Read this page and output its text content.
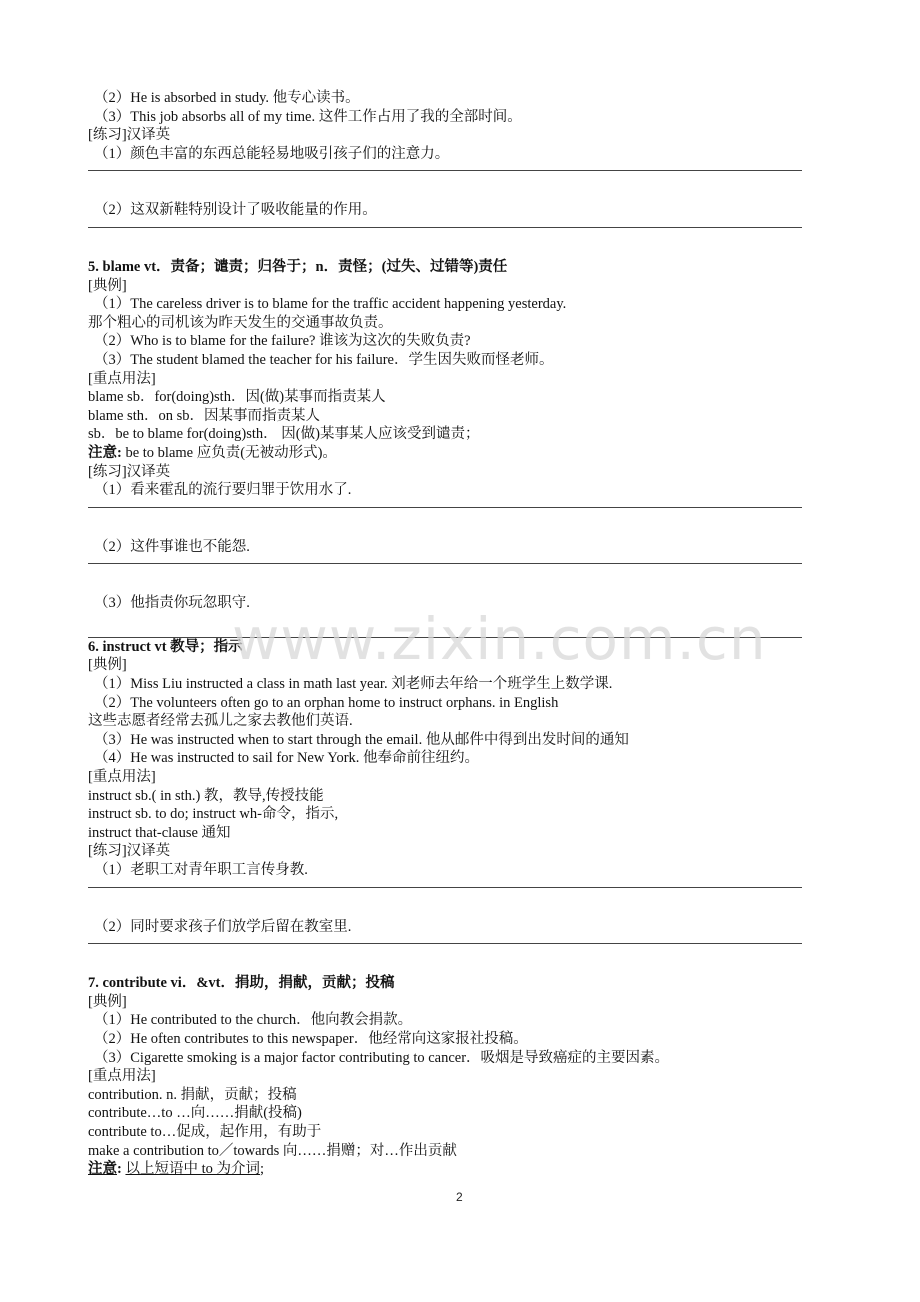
（2）He is absorbed in study. 他专心读书。
（3）This job absorbs all of my time. 这件工作占用了我的全部时间。
[练习]汉译英
（1）颜色丰富的东西总能轻易地吸引孩子们的注意力。
（2）这双新鞋特别设计了吸收能量的作用。
5. blame vt．责备；谴责；归咎于；n．责怪；(过失、过错等)责任
[典例]
（1）The careless driver is to blame for the traffic accident happening yesterday.
那个粗心的司机该为昨天发生的交通事故负责。
（2）Who is to blame for the failure? 谁该为这次的失败负责?
（3）The student blamed the teacher for his failure．学生因失败而怪老师。
[重点用法]
blame sb．for(doing)sth．因(做)某事而指责某人
blame sth．on sb．因某事而指责某人
sb．be to blame for(doing)sth． 因(做)某事某人应该受到谴责；
注意: be to blame 应负责(无被动形式)。
[练习]汉译英
（1）看来霍乱的流行要归罪于饮用水了.
（2）这件事谁也不能怨.
（3）他指责你玩忽职守.
6. instruct vt 教导；指示
[典例]
（1）Miss Liu instructed a class in math last year. 刘老师去年给一个班学生上数学课.
（2）The volunteers often go to an orphan home to instruct orphans. in English
这些志愿者经常去孤儿之家去教他们英语.
（3）He was instructed when to start through the email. 他从邮件中得到出发时间的通知
（4）He was instructed to sail for New York. 他奉命前往纽约。
[重点用法]
instruct sb.( in sth.) 教，教导,传授技能
instruct sb. to do; instruct wh-命令，指示,
instruct that-clause 通知
[练习]汉译英
（1）老职工对青年职工言传身教.
（2）同时要求孩子们放学后留在教室里.
7. contribute vi．&vt．捐助，捐献，贡献；投稿
[典例]
（1）He contributed to the church．他向教会捐款。
（2）He often contributes to this newspaper．他经常向这家报社投稿。
（3）Cigarette smoking is a major factor contributing to cancer．吸烟是导致癌症的主要因素。
[重点用法]
contribution. n. 捐献，贡献；投稿
contribute…to …向……捐献(投稿)
contribute to…促成，起作用，有助于
make a contribution to／towards 向……捐赠；对…作出贡献
注意: 以上短语中 to 为介词;
www.zixin.com.cn
2
